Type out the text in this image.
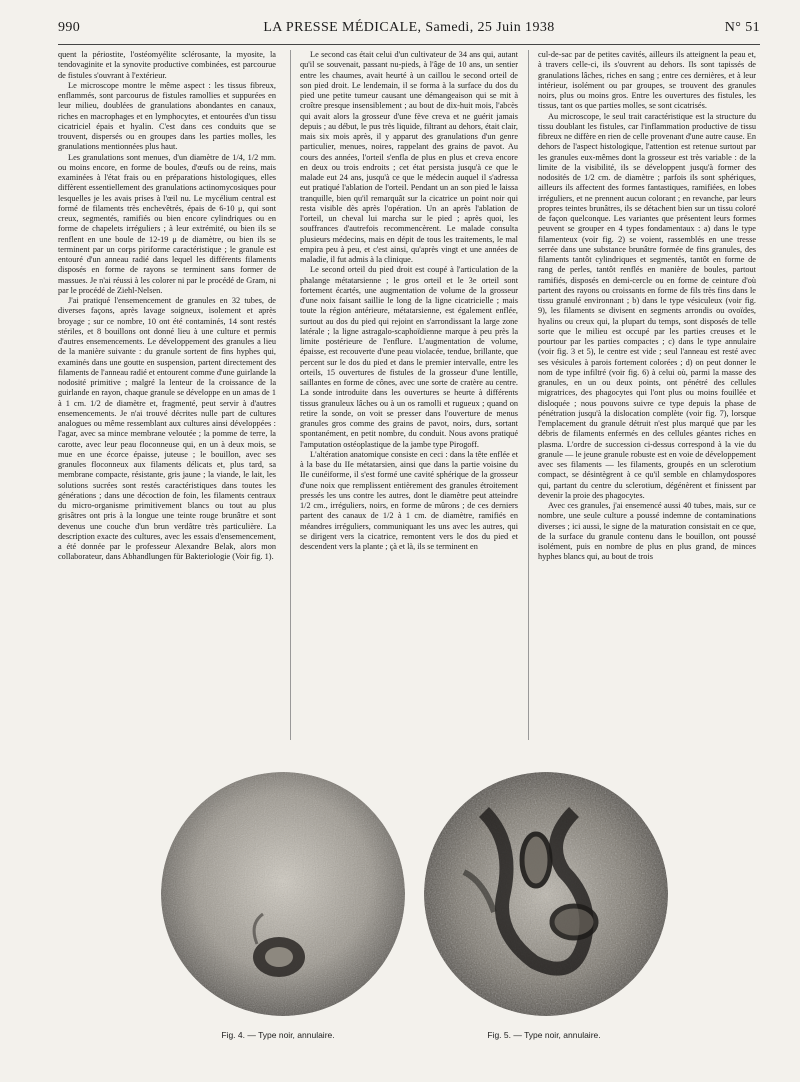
990	LA PRESSE MÉDICALE, Samedi, 25 Juin 1938	N° 51

quent la périostite, l'ostéomyélite sclérosante, la myosite, la tendovaginite et la synovite productive combinées, est parcourue de fistules s'ouvrant à l'extérieur.

Le microscope montre le même aspect : les tissus fibreux, enflammés, sont parcourus de fistules ramollies et suppurées en leur milieu, doublées de granulations abondantes en canaux, riches en macrophages et en lymphocytes, et entourées d'un tissu cicatriciel épais et hyalin. C'est dans ces conduits que se trouvent, dispersés ou en groupes dans les parties molles, les granulations mentionnées plus haut.

Les granulations sont menues, d'un diamètre de 1/4, 1/2 mm. ou moins encore, en forme de boules, d'œufs ou de reins, mais examinées à l'état frais ou en préparations histologiques, elles diffèrent essentiellement des granulations actinomycosiques pour lesquelles je les avais prises à l'œil nu. Le mycélium central est formé de filaments très enchevêtrés, épais de 6-10 μ, qui sont creux, segmentés, ramifiés ou bien encore cylindriques ou en forme de chapelets irréguliers ; à leur extrémité, ou bien ils se renflent en une boule de 12-19 μ de diamètre, ou bien ils se terminent par un corps piriforme caractéristique ; le granule est entouré d'un anneau radié dans lequel les différents filaments disposés en forme de rayons se terminent sans former de massues. Je n'ai réussi à les colorer ni par le procédé de Gram, ni par le procédé de Ziehl-Nelsen.

J'ai pratiqué l'ensemencement de granules en 32 tubes, de diverses façons, après lavage soigneux, isolement et après broyage ; sur ce nombre, 10 ont été contaminés, 14 sont restés stériles, et 8 bouillons ont donné lieu à une culture et permis d'autres ensemencements. Le développement des granules a lieu de la manière suivante : du granule sortent de fins hyphes qui, examinés dans une goutte en suspension, partent directement des filaments de l'anneau radié et entourent comme d'une guirlande la nodosité primitive ; malgré la lenteur de la croissance de la guirlande en rayon, chaque granule se développe en un amas de 1 à 1 cm. 1/2 de diamètre et, fragmenté, peut servir à d'autres ensemencements. Je n'ai trouvé décrites nulle part de cultures analogues ou même ressemblant aux cultures ainsi développées : l'agar, avec sa mince membrane veloutée ; la pomme de terre, la carotte, avec leur peau floconneuse qui, en un à deux mois, se mue en une écorce épaisse, juteuse ; le bouillon, avec ses granules floconneux aux filaments délicats et, plus tard, sa membrane compacte, résistante, gris jaune ; la viande, le lait, les solutions sucrées sont restés caractéristiques dans toutes les générations ; dans une décoction de foin, les filaments centraux du micro-organisme primitivement blancs ou tout au plus grisâtres ont pris à la longue une teinte rouge brunâtre et sont devenus une couche d'un brun verdâtre très particulière. La description exacte des cultures, avec les essais d'ensemencement, a été donnée par le professeur Alexandre Belak, alors mon collaborateur, dans Abhandlungen für Bakteriologie (Voir fig. 1).

Le second cas était celui d'un cultivateur de 34 ans qui, autant qu'il se souvenait, passant nu-pieds, à l'âge de 10 ans, un sentier entre les chaumes, avait heurté à un caillou le second orteil de son pied droit. Le lendemain, il se forma à la surface du dos du pied une petite tumeur causant une démangeaison qui se mit à croître presque insensiblement ; au bout de dix-huit mois, l'abcès qui avait alors la grosseur d'une fève creva et ne guérit jamais depuis ; au début, le pus très liquide, filtrant au dehors, était clair, mais six mois après, il y apparut des granulations d'un genre particulier, menues, noires, rappelant des grains de pavot. Au cours des années, l'orteil s'enfla de plus en plus et creva encore en deux ou trois endroits ; cet état persista jusqu'à ce que le malade eut 24 ans, jusqu'à ce que le médecin auquel il s'adressa eut pratiqué l'ablation de l'orteil. Pendant un an son pied le laissa tranquille, bien qu'il remarquât sur la cicatrice un point noir qui resta visible dès après l'opération. Un an après l'ablation de l'orteil, un cheval lui marcha sur le pied ; après quoi, les souffrances d'autrefois recommencèrent. Le malade consulta plusieurs médecins, mais en dépit de tous les traitements, le mal empira peu à peu, et c'est ainsi, qu'après vingt et une années de maladie, il fut admis à la clinique.

Le second orteil du pied droit est coupé à l'articulation de la phalange métatarsienne ; le gros orteil et le 3e orteil sont fortement écartés, une augmentation de volume de la grosseur d'une noix faisant saillie le long de la ligne cicatricielle ; mais toute la région antérieure, métatarsienne, est également enflée, surtout au dos du pied qui rejoint en s'arrondissant la large zone latérale ; la ligne astragalo-scaphoïdienne marque à peu près la limite postérieure de l'enflure. L'augmentation de volume, épaisse, est recouverte d'une peau violacée, tendue, brillante, que percent sur le dos du pied et dans le premier intervalle, entre les orteils, 15 ouvertures de fistules de la grosseur d'une lentille, saillantes en forme de cônes, avec une sorte de cratère au centre. La sonde introduite dans les ouvertures se heurte à différents tissus granuleux lâches ou à un os ramolli et rugueux ; quand on retire la sonde, on voit se presser dans l'ouverture de menus granules gros comme des grains de pavot, noirs, durs, sortant spontanément, en petit nombre, du conduit. Nous avons pratiqué l'amputation ostéoplastique de la jambe type Pirogoff.

L'altération anatomique consiste en ceci : dans la tête enflée et à la base du IIe métatarsien, ainsi que dans la partie voisine du IIe cunéiforme, il s'est formé une cavité sphérique de la grosseur d'une noix que remplissent entièrement des granules étroitement pressés les uns contre les autres, dont le diamètre peut atteindre 1/2 cm., irréguliers, noirs, en forme de mûrons ; de ces derniers partent des canaux de 1/2 à 1 cm. de diamètre, ramifiés en méandres irréguliers, communiquant les uns avec les autres, qui se dirigent vers la cicatrice, remontent vers le dos du pied et descendent vers la plante ; çà et là, ils se terminent en

cul-de-sac par de petites cavités, ailleurs ils atteignent la peau et, à travers celle-ci, ils s'ouvrent au dehors. Ils sont tapissés de granulations lâches, riches en sang ; entre ces dernières, et à leur intérieur, isolément ou par groupes, se trouvent des granules noirs, plus ou moins gros. Entre les ouvertures des fistules, les tissus, tant os que parties molles, se sont cicatrisés.

Au microscope, le seul trait caractéristique est la structure du tissu doublant les fistules, car l'inflammation productive de tissu fibreux ne diffère en rien de celle provenant d'une autre cause. En dehors de l'aspect histologique, l'attention est retenue surtout par les granules eux-mêmes dont la grosseur est très variable : de la limite de la visibilité, ils se développent jusqu'à former des nodosités de 1/2 cm. de diamètre ; parfois ils sont sphériques, ailleurs ils affectent des formes fantastiques, ramifiées, en lobes irréguliers, et ne prennent aucun colorant ; en revanche, par leurs propres teintes brunâtres, ils se détachent bien sur un tissu coloré de façon quelconque. Les variantes que présentent leurs formes peuvent se grouper en 4 types fondamentaux : a) dans le type filamenteux (voir fig. 2) se voient, rassemblés en une tresse serrée dans une substance brunâtre formée de fins granules, des filaments tantôt cylindriques et segmentés, tantôt en forme de rang de perles, tantôt renflés en manière de boules, partout ramifiés, disposés en demi-cercle ou en forme de ceinture d'où partent des rayons ou croissants en forme de fils très fins dans le tissu granulé environnant ; b) dans le type vésiculeux (voir fig. 9), les filaments se divisent en segments arrondis ou ovoïdes, hyalins ou creux qui, la plupart du temps, sont disposés de telle sorte que le milieu est occupé par les parties creuses et le pourtour par les parties compactes ; c) dans le type annulaire (voir fig. 3 et 5), le centre est vide ; seul l'anneau est resté avec ses vésicules à parois fortement colorées ; d) on peut donner le nom de type infiltré (voir fig. 6) à celui où, parmi la masse des granules, en un ou deux points, ont pénétré des cellules migratrices, des phagocytes qui l'ont plus ou moins fouillée et disloquée ; nous pouvons suivre ce type depuis la phase de pénétration jusqu'à la dislocation complète (voir fig. 7), lorsque l'emplacement du granule détruit n'est plus marqué que par les débris de filaments enfermés en des cellules géantes riches en plasma. L'ordre de succession ci-dessus correspond à la vie du granule — le jeune granule robuste est en voie de développement avec ses filaments — les filaments, groupés en un sclerotium compact, se désintègrent à ce qu'il semble en chlamydospores qui, partant du centre du sclerotium, dégénèrent et finissent par devenir la proie des phagocytes.

Avec ces granules, j'ai ensemencé aussi 40 tubes, mais, sur ce nombre, une seule culture a poussé indemne de contaminations diverses ; ici aussi, le signe de la maturation consistait en ce que, de la surface du granule contenu dans le bouillon, ont poussé isolément, puis en nombre de plus en plus grand, de minces hyphes blancs qui, au bout de trois

Fig. 4. — Type noir, annulaire.	Fig. 5. — Type noir, annulaire.
